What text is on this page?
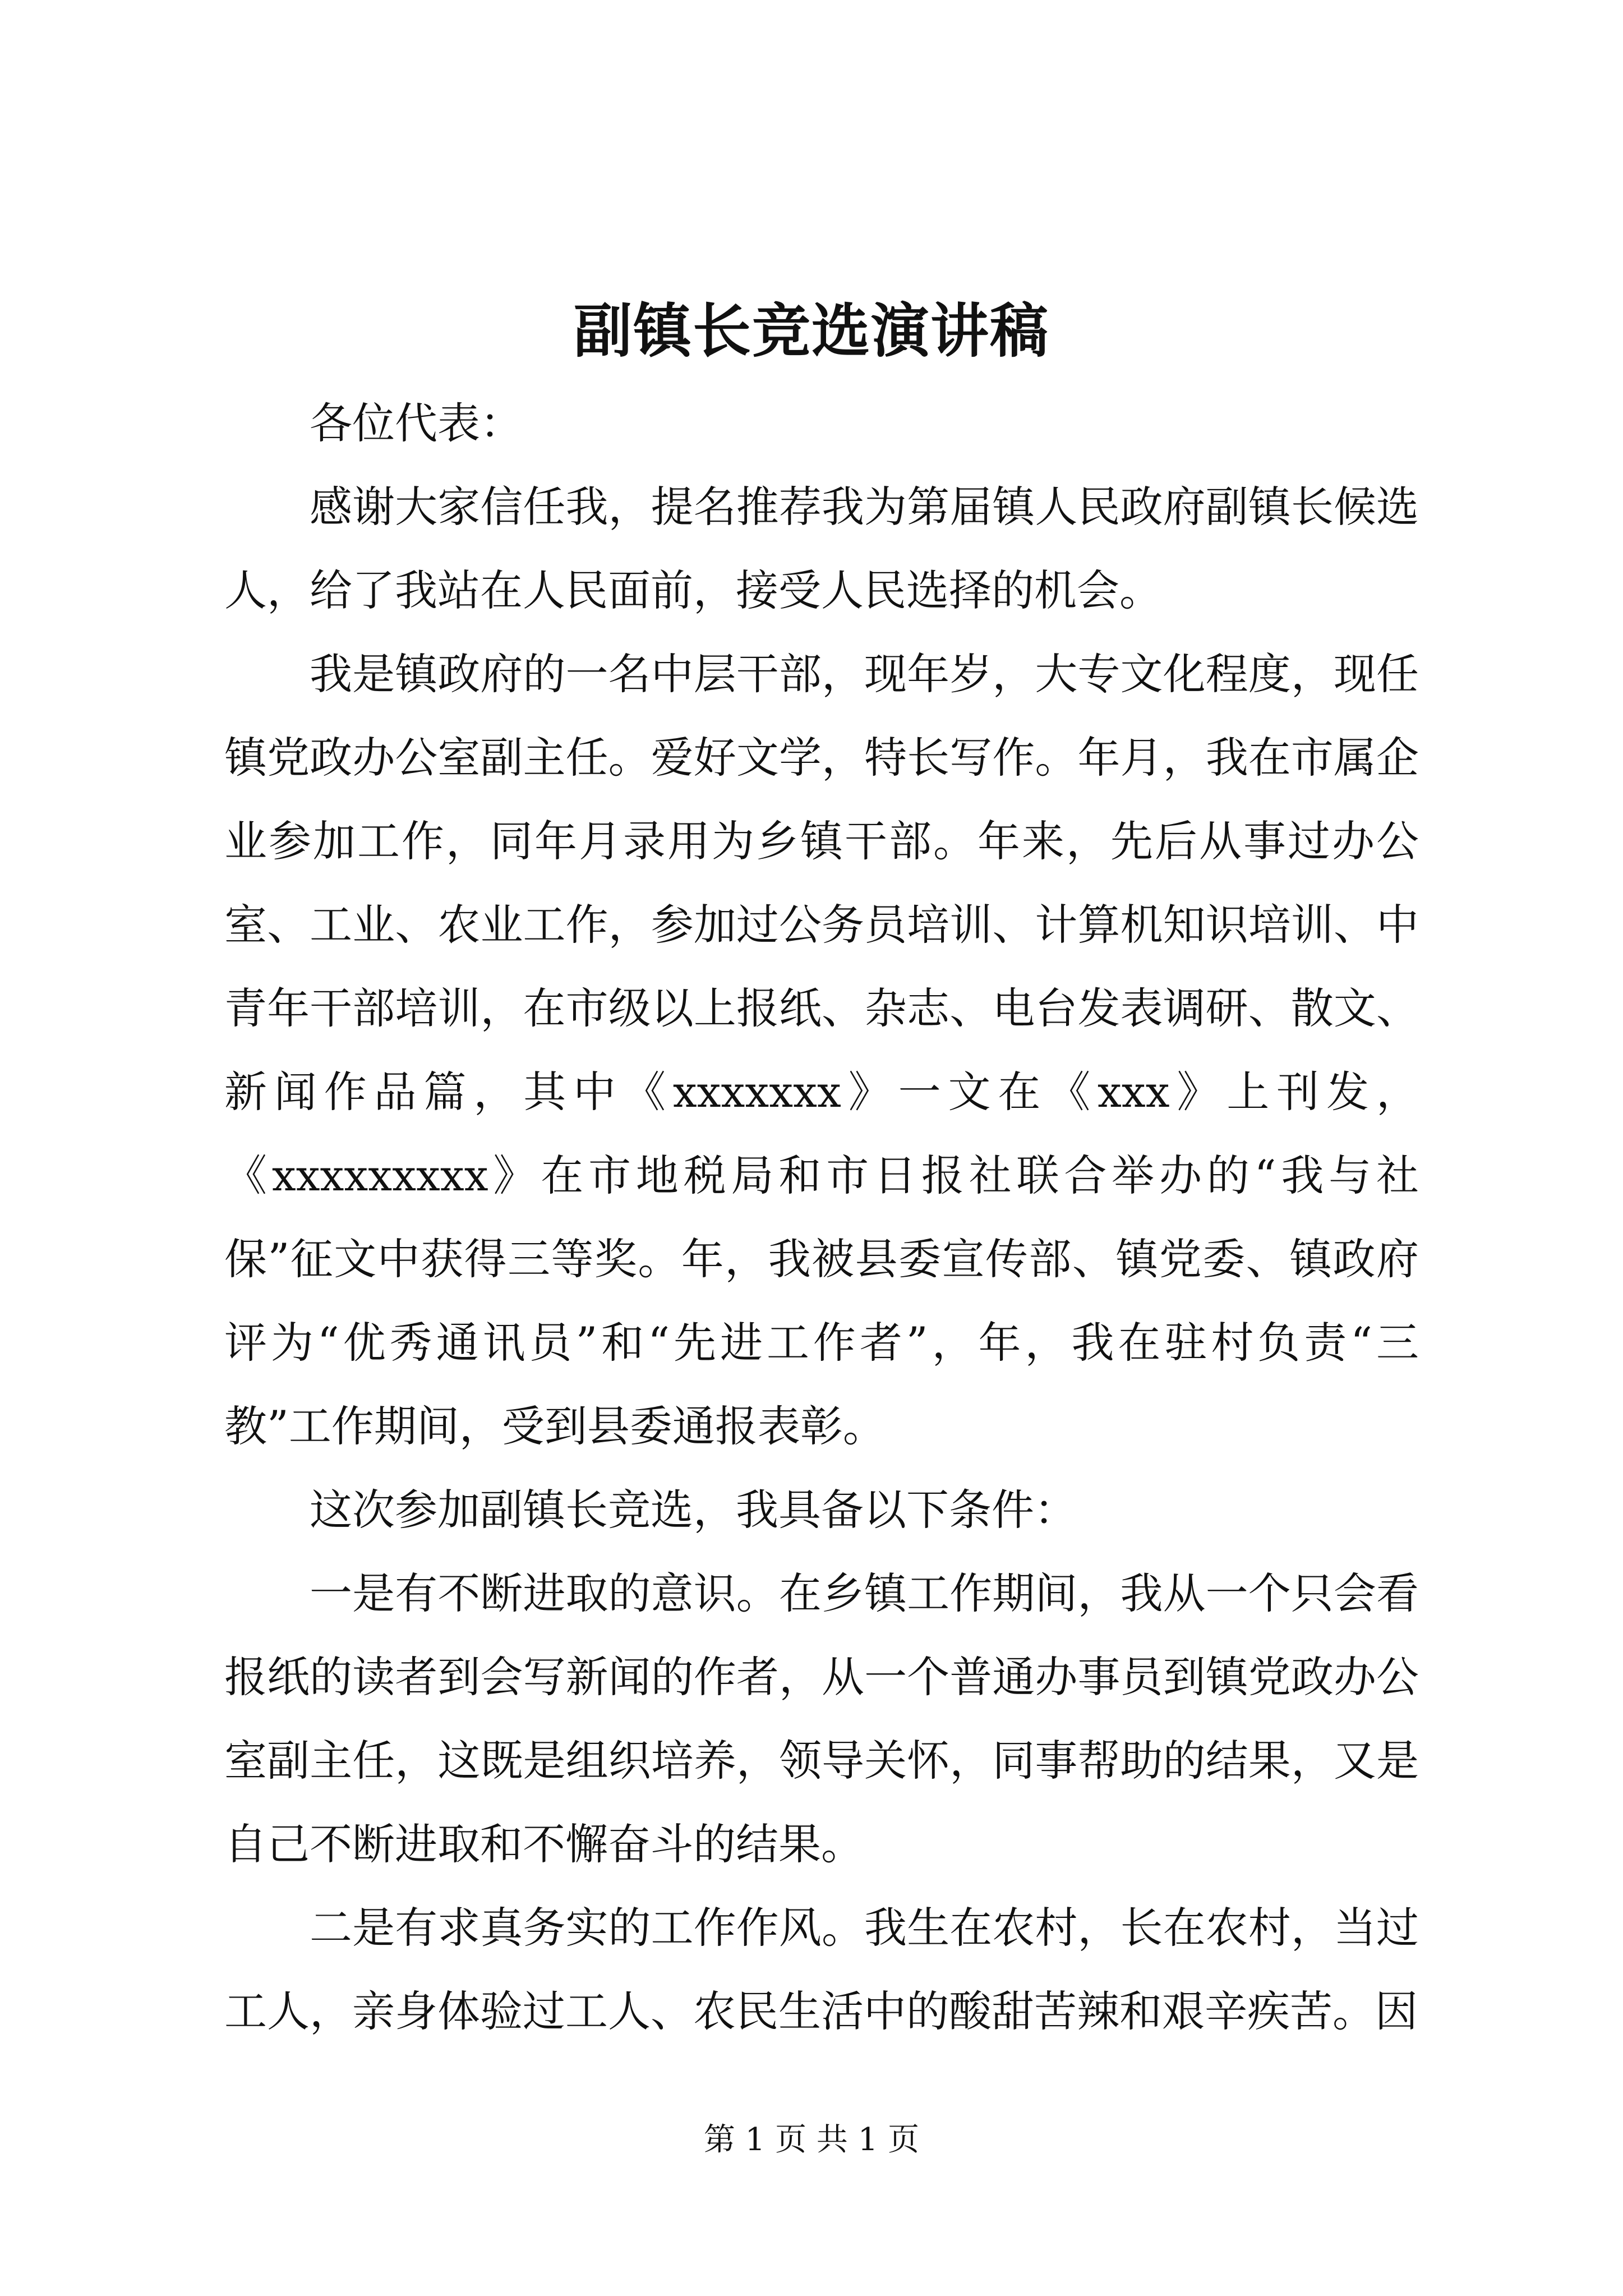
副镇长竞选演讲稿

各位代表：

感谢大家信任我，提名推荐我为第届镇人民政府副镇长候选人，给了我站在人民面前，接受人民选择的机会。

我是镇政府的一名中层干部，现年岁，大专文化程度，现任镇党政办公室副主任。爱好文学，特长写作。年月，我在市属企业参加工作，同年月录用为乡镇干部。年来，先后从事过办公室、工业、农业工作，参加过公务员培训、计算机知识培训、中青年干部培训，在市级以上报纸、杂志、电台发表调研、散文、新闻作品篇，其中《xxxxxxx》一文在《xxx》上刊发，《xxxxxxxxx》在市地税局和市日报社联合举办的“我与社保”征文中获得三等奖。年，我被县委宣传部、镇党委、镇政府评为“优秀通讯员”和“先进工作者”，年，我在驻村负责“三教”工作期间，受到县委通报表彰。

这次参加副镇长竞选，我具备以下条件：

一是有不断进取的意识。在乡镇工作期间，我从一个只会看报纸的读者到会写新闻的作者，从一个普通办事员到镇党政办公室副主任，这既是组织培养，领导关怀，同事帮助的结果，又是自己不断进取和不懈奋斗的结果。

二是有求真务实的工作作风。我生在农村，长在农村，当过工人，亲身体验过工人、农民生活中的酸甜苦辣和艰辛疾苦。因

第 1 页 共 1 页
